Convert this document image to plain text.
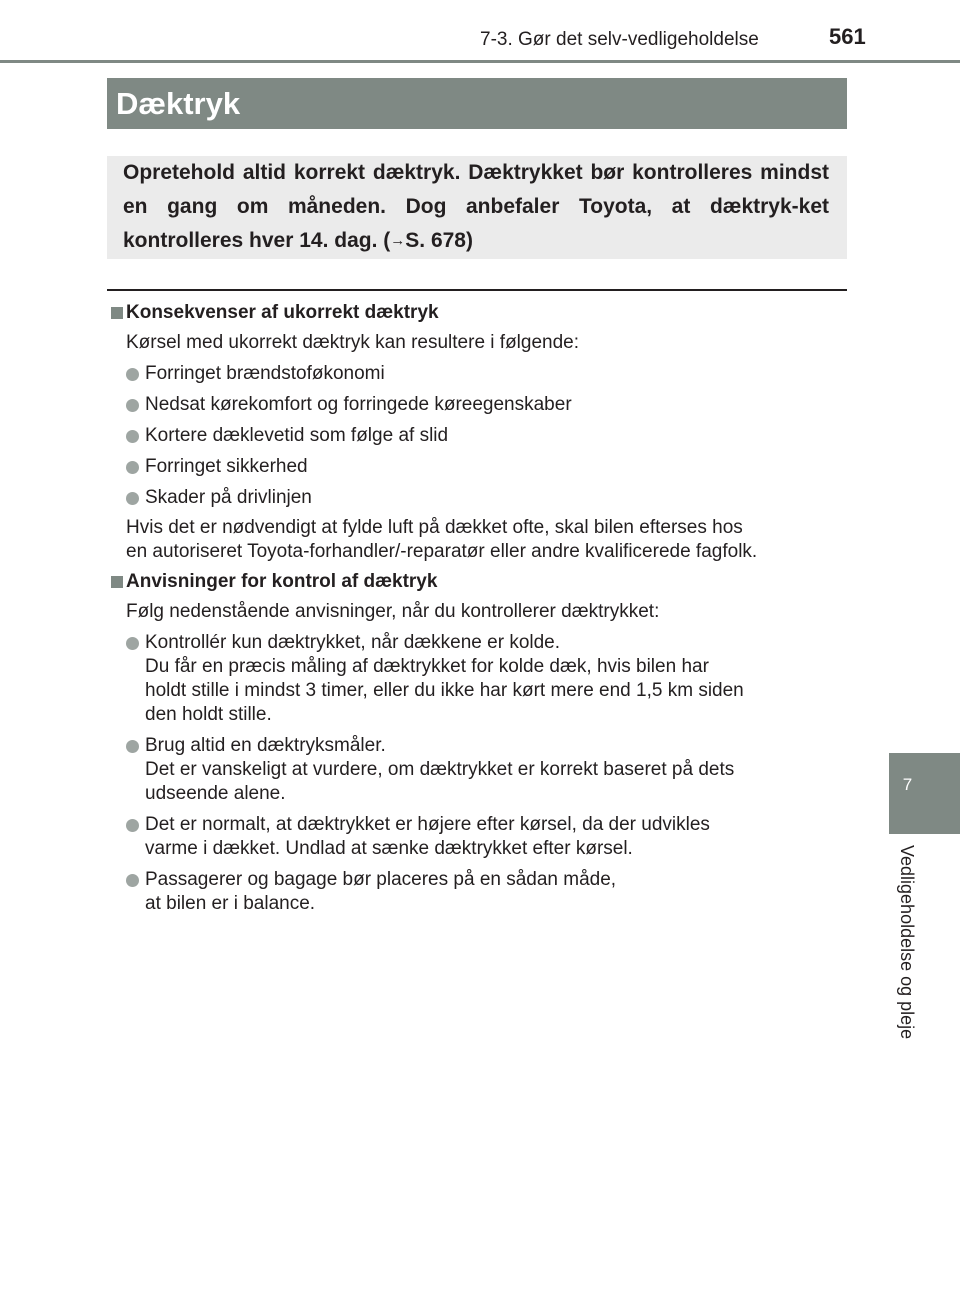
7-3. Gør det selv-vedligeholdelse	561
Dæktryk
Opretehold altid korrekt dæktryk. Dæktrykket bør kontrolleres mindst en gang om måneden. Dog anbefaler Toyota, at dæktryk-ket kontrolleres hver 14. dag. (→S. 678)
Konsekvenser af ukorrekt dæktryk
Kørsel med ukorrekt dæktryk kan resultere i følgende:
Forringet brændstoføkonomi
Nedsat kørekomfort og forringede køreegenskaber
Kortere dæklevetid som følge af slid
Forringet sikkerhed
Skader på drivlinjen
Hvis det er nødvendigt at fylde luft på dækket ofte, skal bilen efterses hos
en autoriseret Toyota-forhandler/-reparatør eller andre kvalificerede fagfolk.
Anvisninger for kontrol af dæktryk
Følg nedenstående anvisninger, når du kontrollerer dæktrykket:
Kontrollér kun dæktrykket, når dækkene er kolde.
Du får en præcis måling af dæktrykket for kolde dæk, hvis bilen har
holdt stille i mindst 3 timer, eller du ikke har kørt mere end 1,5 km siden
den holdt stille.
Brug altid en dæktryksmåler.
Det er vanskeligt at vurdere, om dæktrykket er korrekt baseret på dets
udseende alene.
Det er normalt, at dæktrykket er højere efter kørsel, da der udvikles
varme i dækket. Undlad at sænke dæktrykket efter kørsel.
Passagerer og bagage bør placeres på en sådan måde,
at bilen er i balance.
7
Vedligeholdelse og pleje
